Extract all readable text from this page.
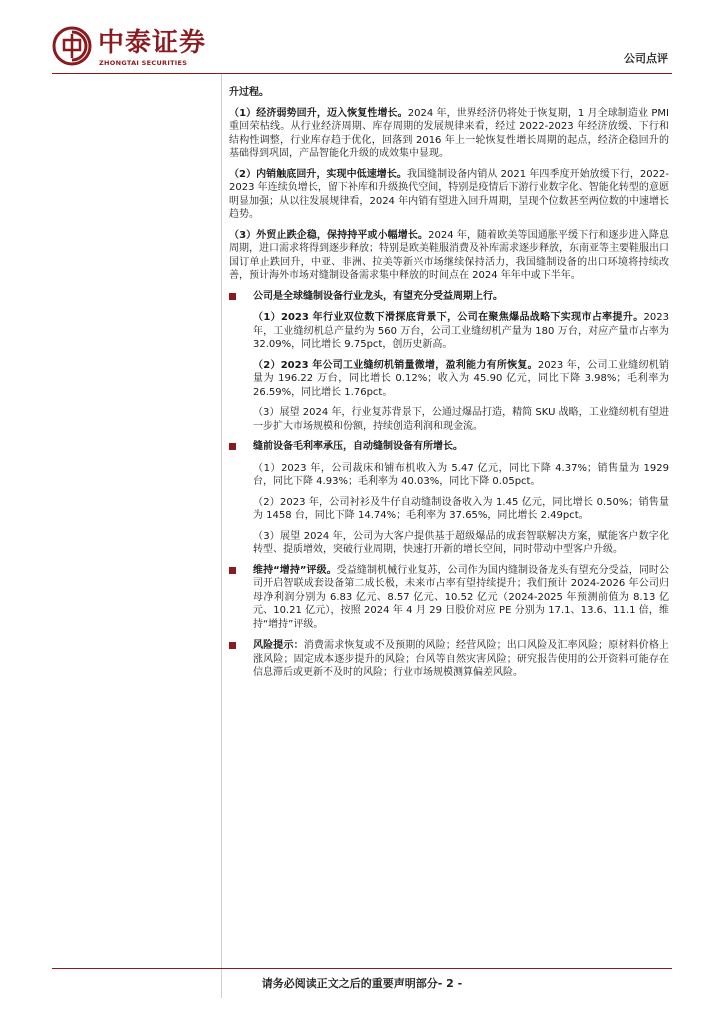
中泰证券
ZHONGTAI SECURITIES	公司点评

升过程。

（1）经济弱势回升，迈入恢复性增长。2024 年，世界经济仍将处于恢复期，1 月全球制造业 PMI 重回荣枯线。从行业经济周期、库存周期的发展规律来看，经过 2022-2023 年经济放缓、下行和结构性调整，行业库存趋于优化，回落到 2016 年上一轮恢复性增长周期的起点，经济企稳回升的基础得到巩固，产品智能化升级的成效集中显现。

（2）内销触底回升，实现中低速增长。我国缝制设备内销从 2021 年四季度开始放缓下行，2022-2023 年连续负增长，留下补库和升级换代空间，特别是疫情后下游行业数字化、智能化转型的意愿明显加强；从以往发展规律看，2024 年内销有望进入回升周期，呈现个位数甚至两位数的中速增长趋势。

（3）外贸止跌企稳，保持持平或小幅增长。2024 年，随着欧美等国通胀平缓下行和逐步进入降息周期，进口需求将得到逐步释放；特别是欧美鞋服消费及补库需求逐步释放，东南亚等主要鞋服出口国订单止跌回升，中亚、非洲、拉美等新兴市场继续保持活力，我国缝制设备的出口环境将持续改善，预计海外市场对缝制设备需求集中释放的时间点在 2024 年年中或下半年。

公司是全球缝制设备行业龙头，有望充分受益周期上行。

（1）2023 年行业双位数下滑探底背景下，公司在聚焦爆品战略下实现市占率提升。2023 年，工业缝纫机总产量约为 560 万台，公司工业缝纫机产量为 180 万台，对应产量市占率为 32.09%，同比增长 9.75pct，创历史新高。

（2）2023 年公司工业缝纫机销量微增，盈利能力有所恢复。2023 年，公司工业缝纫机销量为 196.22 万台，同比增长 0.12%；收入为 45.90 亿元，同比下降 3.98%；毛利率为 26.59%，同比增长 1.76pct。

（3）展望 2024 年，行业复苏背景下，公通过爆品打造，精简 SKU 战略，工业缝纫机有望进一步扩大市场规模和份额，持续创造利润和现金流。

缝前设备毛利率承压，自动缝制设备有所增长。

（1）2023 年，公司裁床和铺布机收入为 5.47 亿元，同比下降 4.37%；销售量为 1929 台，同比下降 4.93%；毛利率为 40.03%，同比下降 0.05pct。

（2）2023 年，公司衬衫及牛仔自动缝制设备收入为 1.45 亿元，同比增长 0.50%；销售量为 1458 台，同比下降 14.74%；毛利率为 37.65%，同比增长 2.49pct。

（3）展望 2024 年，公司为大客户提供基于超级爆品的成套智联解决方案，赋能客户数字化转型、提质增效，突破行业周期，快速打开新的增长空间，同时带动中型客户升级。

维持“增持”评级。受益缝制机械行业复苏，公司作为国内缝制设备龙头有望充分受益，同时公司开启智联成套设备第二成长极，未来市占率有望持续提升；我们预计 2024-2026 年公司归母净利润分别为 6.83 亿元、8.57 亿元、10.52 亿元（2024-2025 年预测前值为 8.13 亿元、10.21 亿元），按照 2024 年 4 月 29 日股价对应 PE 分别为 17.1、13.6、11.1 倍，维持“增持”评级。
风险提示：消费需求恢复或不及预期的风险；经营风险；出口风险及汇率风险；原材料价格上涨风险；固定成本逐步提升的风险；台风等自然灾害风险；研究报告使用的公开资料可能存在信息滞后或更新不及时的风险；行业市场规模测算偏差风险。
请务必阅读正文之后的重要声明部分- 2 -
